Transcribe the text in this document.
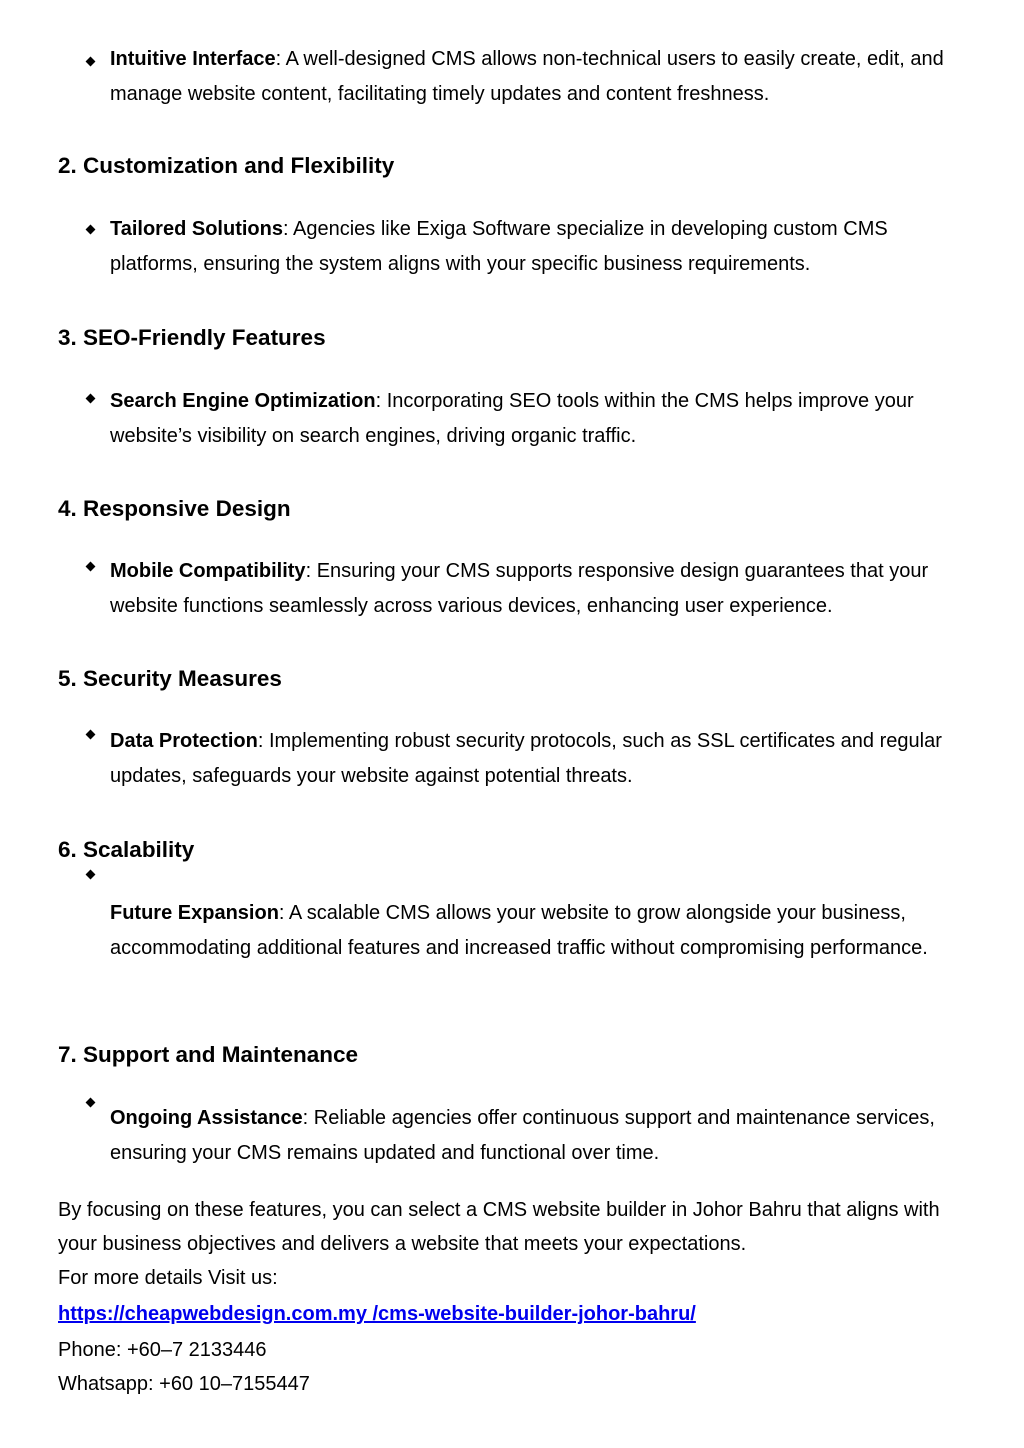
Intuitive Interface: A well-designed CMS allows non-technical users to easily create, edit, and manage website content, facilitating timely updates and content freshness.
2. Customization and Flexibility
Tailored Solutions: Agencies like Exiga Software specialize in developing custom CMS platforms, ensuring the system aligns with your specific business requirements.
3. SEO-Friendly Features
Search Engine Optimization: Incorporating SEO tools within the CMS helps improve your website’s visibility on search engines, driving organic traffic.
4. Responsive Design
Mobile Compatibility: Ensuring your CMS supports responsive design guarantees that your website functions seamlessly across various devices, enhancing user experience.
5. Security Measures
Data Protection: Implementing robust security protocols, such as SSL certificates and regular updates, safeguards your website against potential threats.
6. Scalability
Future Expansion: A scalable CMS allows your website to grow alongside your business, accommodating additional features and increased traffic without compromising performance.
7. Support and Maintenance
Ongoing Assistance: Reliable agencies offer continuous support and maintenance services, ensuring your CMS remains updated and functional over time.

By focusing on these features, you can select a CMS website builder in Johor Bahru that aligns with your business objectives and delivers a website that meets your expectations.

For more details Visit us:

https://cheapwebdesign.com.my /cms-website-builder-johor-bahru/

Phone: +60–7 2133446

Whatsapp: +60 10–7155447
